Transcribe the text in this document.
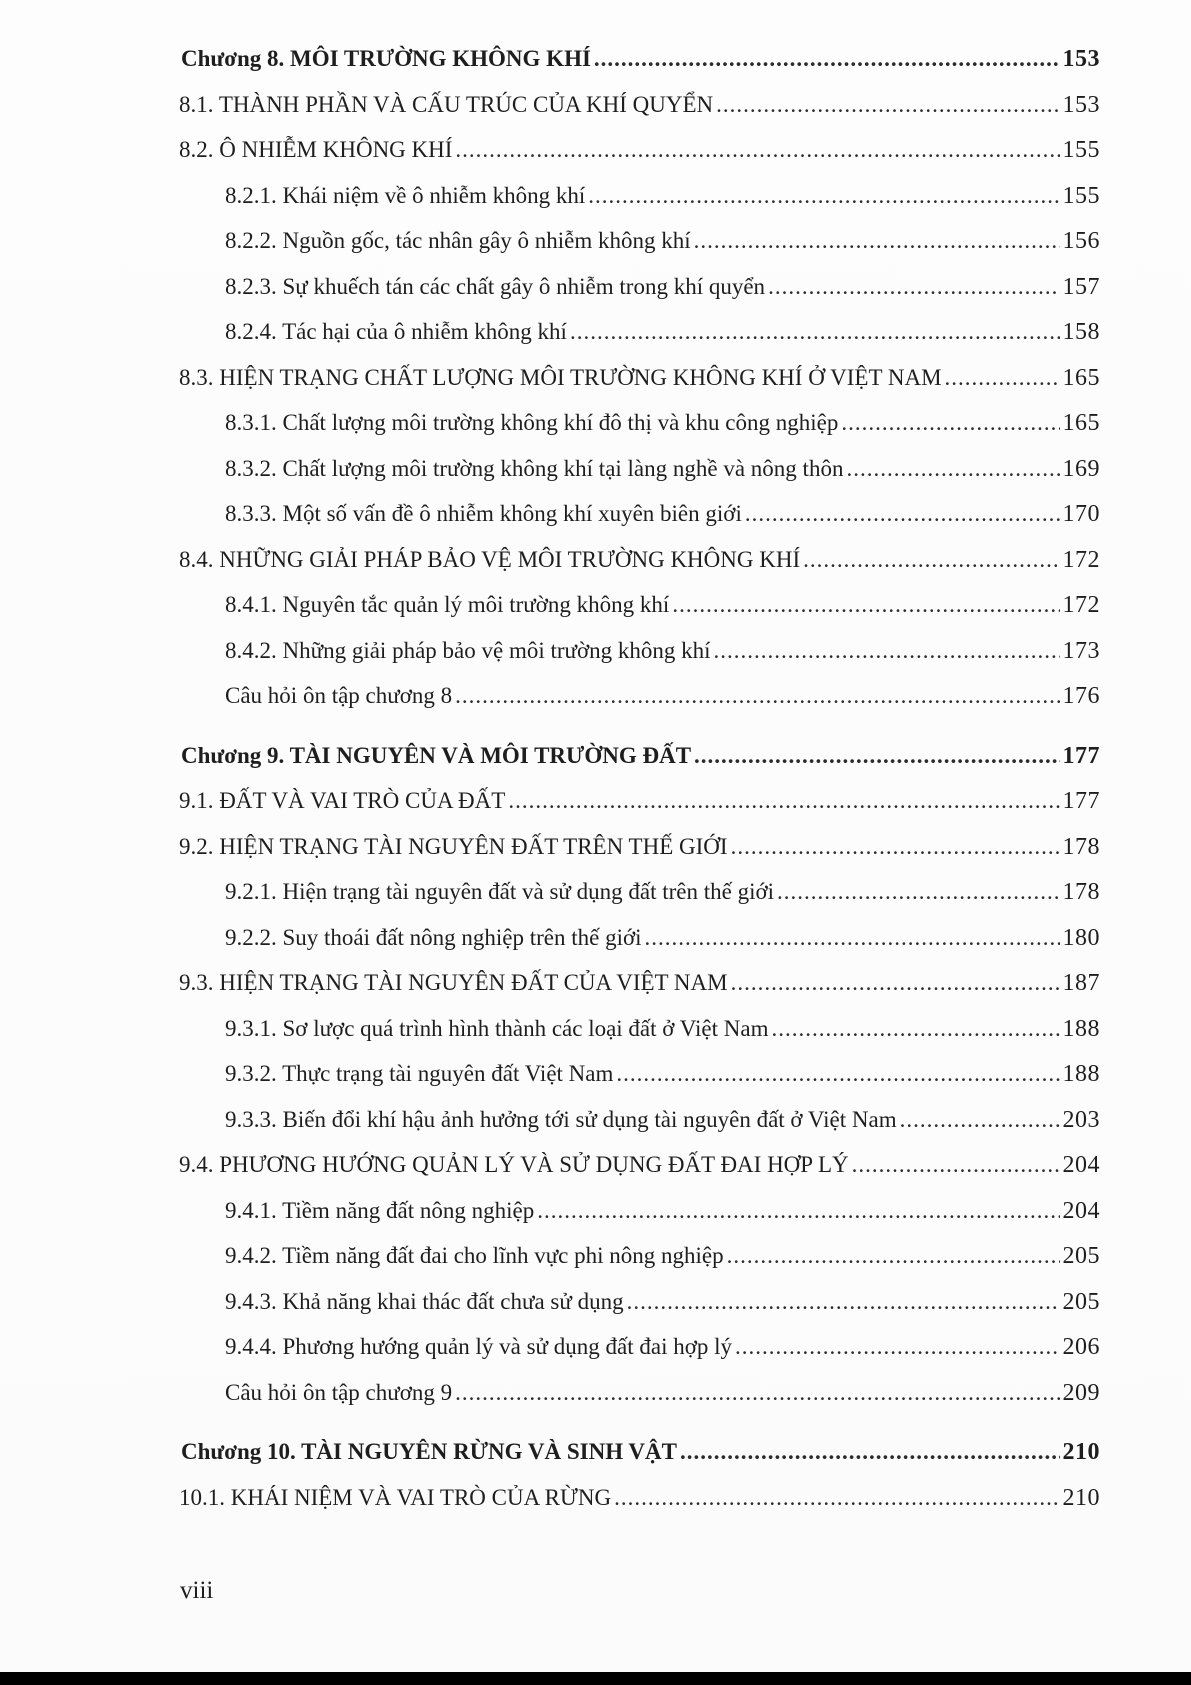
Chương 8. MÔI TRƯỜNG KHÔNG KHÍ .....	153
8.1. THÀNH PHẦN VÀ CẤU TRÚC CỦA KHÍ QUYỂN .....	153
8.2. Ô NHIỄM KHÔNG KHÍ .....	155
8.2.1. Khái niệm về ô nhiễm không khí .....	155
8.2.2. Nguồn gốc, tác nhân gây ô nhiễm không khí .....	156
8.2.3. Sự khuếch tán các chất gây ô nhiễm trong khí quyển .....	157
8.2.4. Tác hại của ô nhiễm không khí .....	158
8.3. HIỆN TRẠNG CHẤT LƯỢNG MÔI TRƯỜNG KHÔNG KHÍ Ở VIỆT NAM .....	165
8.3.1. Chất lượng môi trường không khí đô thị và khu công nghiệp .....	165
8.3.2. Chất lượng môi trường không khí tại làng nghề và nông thôn .....	169
8.3.3. Một số vấn đề ô nhiễm không khí xuyên biên giới .....	170
8.4. NHỮNG GIẢI PHÁP BẢO VỆ MÔI TRƯỜNG KHÔNG KHÍ .....	172
8.4.1. Nguyên tắc quản lý môi trường không khí .....	172
8.4.2. Những giải pháp bảo vệ môi trường không khí .....	173
Câu hỏi ôn tập chương 8 .....	176
Chương 9. TÀI NGUYÊN VÀ MÔI TRƯỜNG ĐẤT .....	177
9.1. ĐẤT VÀ VAI TRÒ CỦA ĐẤT .....	177
9.2. HIỆN TRẠNG TÀI NGUYÊN ĐẤT TRÊN THẾ GIỚI .....	178
9.2.1. Hiện trạng tài nguyên đất và sử dụng đất trên thế giới .....	178
9.2.2. Suy thoái đất nông nghiệp trên thế giới .....	180
9.3. HIỆN TRẠNG TÀI NGUYÊN ĐẤT CỦA VIỆT NAM .....	187
9.3.1. Sơ lược quá trình hình thành các loại đất ở Việt Nam .....	188
9.3.2. Thực trạng tài nguyên đất Việt Nam .....	188
9.3.3. Biến đổi khí hậu ảnh hưởng tới sử dụng tài nguyên đất ở Việt Nam .....	203
9.4. PHƯƠNG HƯỚNG QUẢN LÝ VÀ SỬ DỤNG ĐẤT ĐAI HỢP LÝ .....	204
9.4.1. Tiềm năng đất nông nghiệp .....	204
9.4.2. Tiềm năng đất đai cho lĩnh vực phi nông nghiệp .....	205
9.4.3. Khả năng khai thác đất chưa sử dụng .....	205
9.4.4. Phương hướng quản lý và sử dụng đất đai hợp lý .....	206
Câu hỏi ôn tập chương 9 .....	209
Chương 10. TÀI NGUYÊN RỪNG VÀ SINH VẬT .....	210
10.1. KHÁI NIỆM VÀ VAI TRÒ CỦA RỪNG .....	210
viii
